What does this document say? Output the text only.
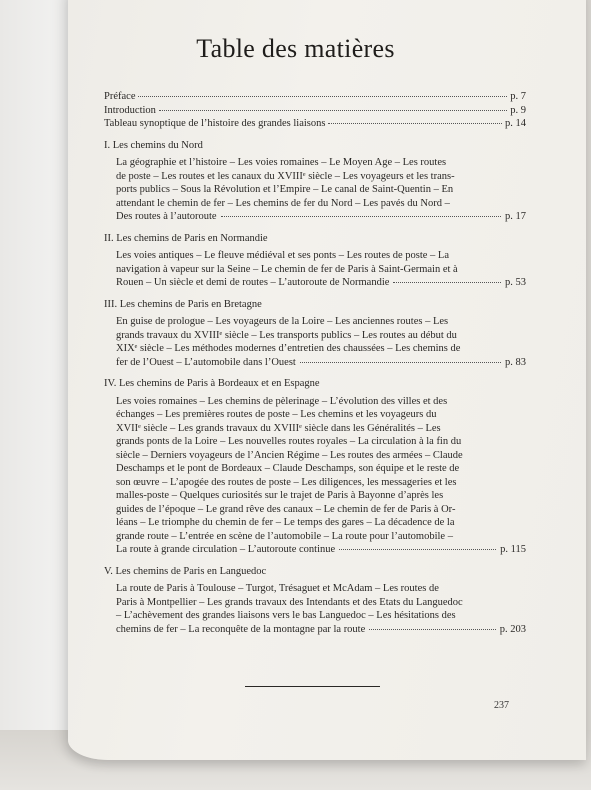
Table des matières
Préface	p. 7
Introduction	p. 9
Tableau synoptique de l’histoire des grandes liaisons	p. 14
I. Les chemins du Nord
La géographie et l’histoire – Les voies romaines – Le Moyen Age – Les routes
de poste – Les routes et les canaux du XVIIIᵉ siècle – Les voyageurs et les trans-
ports publics – Sous la Révolution et l’Empire – Le canal de Saint-Quentin – En
attendant le chemin de fer – Les chemins de fer du Nord – Les pavés du Nord –
Des routes à l’autoroute	p. 17
II. Les chemins de Paris en Normandie
Les voies antiques – Le fleuve médiéval et ses ponts – Les routes de poste – La
navigation à vapeur sur la Seine – Le chemin de fer de Paris à Saint-Germain et à
Rouen – Un siècle et demi de routes – L’autoroute de Normandie	p. 53
III. Les chemins de Paris en Bretagne
En guise de prologue – Les voyageurs de la Loire – Les anciennes routes – Les
grands travaux du XVIIIᵉ siècle – Les transports publics – Les routes au début du
XIXᵉ siècle – Les méthodes modernes d’entretien des chaussées – Les chemins de
fer de l’Ouest – L’automobile dans l’Ouest	p. 83
IV. Les chemins de Paris à Bordeaux et en Espagne
Les voies romaines – Les chemins de pèlerinage – L’évolution des villes et des
échanges – Les premières routes de poste – Les chemins et les voyageurs du
XVIIᵉ siècle – Les grands travaux du XVIIIᵉ siècle dans les Généralités – Les
grands ponts de la Loire – Les nouvelles routes royales – La circulation à la fin du
siècle – Derniers voyageurs de l’Ancien Régime – Les routes des armées – Claude
Deschamps et le pont de Bordeaux – Claude Deschamps, son équipe et le reste de
son œuvre – L’apogée des routes de poste – Les diligences, les messageries et les
malles-poste – Quelques curiosités sur le trajet de Paris à Bayonne d’après les
guides de l’époque – Le grand rêve des canaux – Le chemin de fer de Paris à Or-
léans – Le triomphe du chemin de fer – Le temps des gares – La décadence de la
grande route – L’entrée en scène de l’automobile – La route pour l’automobile –
La route à grande circulation – L’autoroute continue	p. 115
V. Les chemins de Paris en Languedoc
La route de Paris à Toulouse – Turgot, Trésaguet et McAdam – Les routes de
Paris à Montpellier – Les grands travaux des Intendants et des Etats du Languedoc
– L’achèvement des grandes liaisons vers le bas Languedoc – Les hésitations des
chemins de fer – La reconquête de la montagne par la route	p. 203
237
